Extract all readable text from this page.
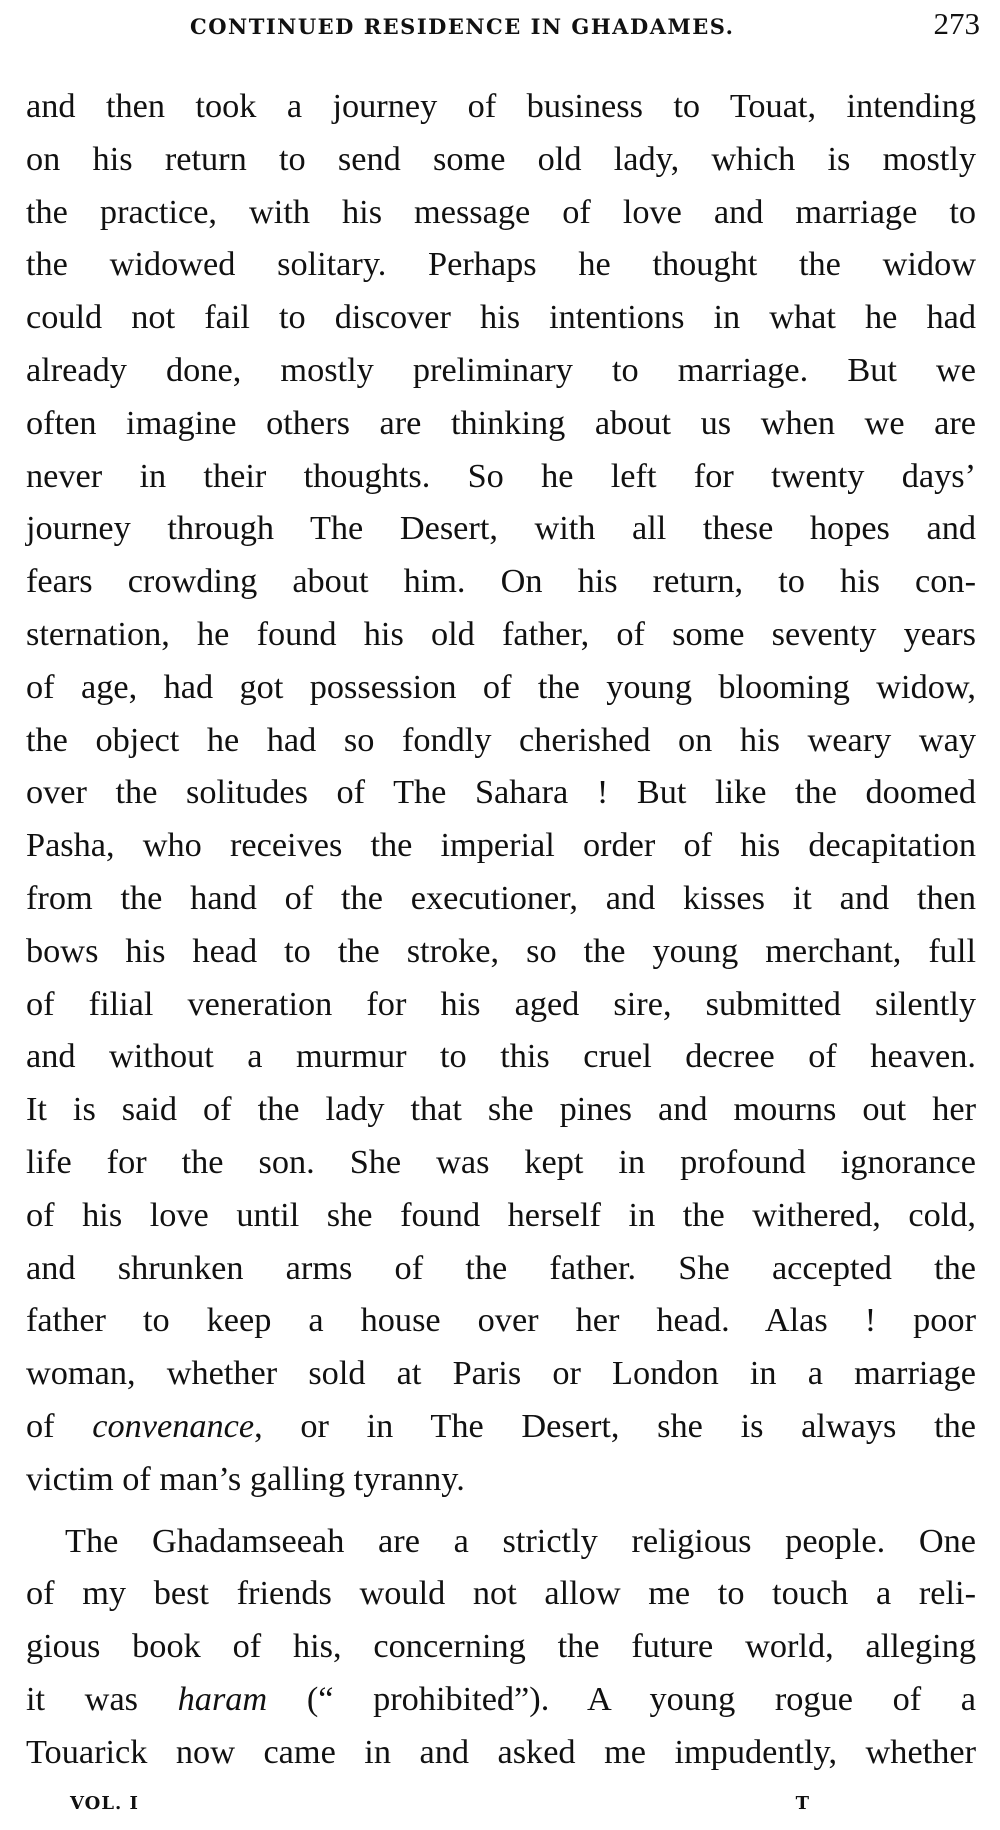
CONTINUED RESIDENCE IN GHADAMES.	273
and then took a journey of business to Touat, intending
on his return to send some old lady, which is mostly
the practice, with his message of love and marriage to
the widowed solitary. Perhaps he thought the widow
could not fail to discover his intentions in what he had
already done, mostly preliminary to marriage. But we
often imagine others are thinking about us when we are
never in their thoughts. So he left for twenty days’
journey through The Desert, with all these hopes and
fears crowding about him. On his return, to his con-
sternation, he found his old father, of some seventy years
of age, had got possession of the young blooming widow,
the object he had so fondly cherished on his weary way
over the solitudes of The Sahara ! But like the doomed
Pasha, who receives the imperial order of his decapitation
from the hand of the executioner, and kisses it and then
bows his head to the stroke, so the young merchant, full
of filial veneration for his aged sire, submitted silently
and without a murmur to this cruel decree of heaven.
It is said of the lady that she pines and mourns out her
life for the son. She was kept in profound ignorance
of his love until she found herself in the withered, cold,
and shrunken arms of the father. She accepted the
father to keep a house over her head. Alas ! poor
woman, whether sold at Paris or London in a marriage
of convenance, or in The Desert, she is always the
victim of man’s galling tyranny.
The Ghadamseeah are a strictly religious people. One
of my best friends would not allow me to touch a reli-
gious book of his, concerning the future world, alleging
it was haram (“ prohibited”). A young rogue of a
Touarick now came in and asked me impudently, whether
VOL. I	T
